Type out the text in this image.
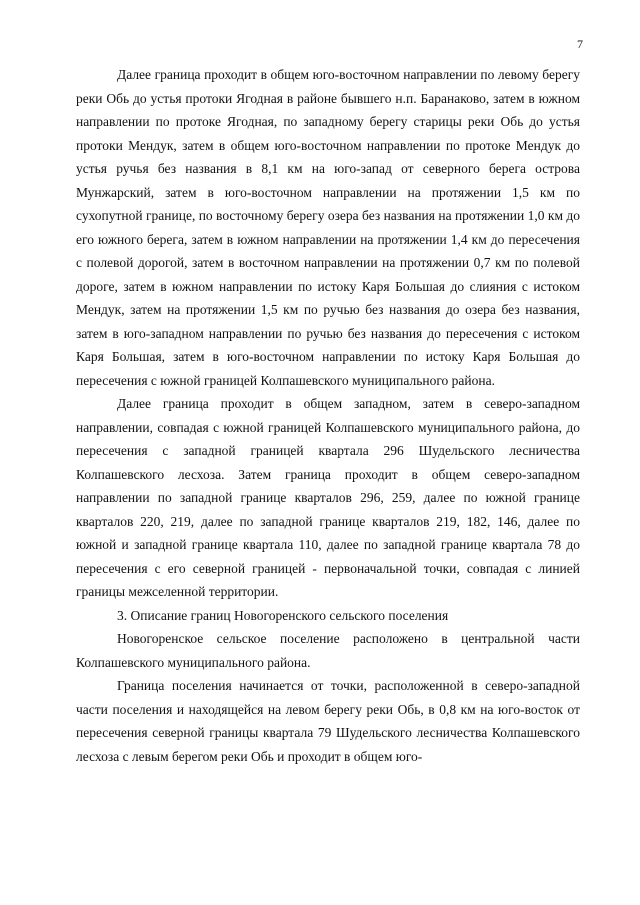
7

Далее граница проходит в общем юго-восточном направлении по левому берегу реки Обь до устья протоки Ягодная в районе бывшего н.п. Баранаково, затем в южном направлении по протоке Ягодная, по западному берегу старицы реки Обь до устья протоки Мендук, затем в общем юго-восточном направлении по протоке Мендук до устья ручья без названия в 8,1 км на юго-запад от северного берега острова Мунжарский, затем в юго-восточном направлении на протяжении 1,5 км по сухопутной границе, по восточному берегу озера без названия на протяжении 1,0 км до его южного берега, затем в южном направлении на протяжении 1,4 км до пересечения с полевой дорогой, затем в восточном направлении на протяжении 0,7 км по полевой дороге, затем в южном направлении по истоку Каря Большая до слияния с истоком Мендук, затем на протяжении 1,5 км по ручью без названия до озера без названия, затем в юго-западном направлении по ручью без названия до пересечения с истоком Каря Большая, затем в юго-восточном направлении по истоку Каря Большая до пересечения с южной границей Колпашевского муниципального района.

Далее граница проходит в общем западном, затем в северо-западном направлении, совпадая с южной границей Колпашевского муниципального района, до пересечения с западной границей квартала 296 Шудельского лесничества Колпашевского лесхоза. Затем граница проходит в общем северо-западном направлении по западной границе кварталов 296, 259, далее по южной границе кварталов 220, 219, далее по западной границе кварталов 219, 182, 146, далее по южной и западной границе квартала 110, далее по западной границе квартала 78 до пересечения с его северной границей - первоначальной точки, совпадая с линией границы межселенной территории.

3. Описание границ Новогоренского сельского поселения

Новогоренское сельское поселение расположено в центральной части Колпашевского муниципального района.

Граница поселения начинается от точки, расположенной в северо-западной части поселения и находящейся на левом берегу реки Обь, в 0,8 км на юго-восток от пересечения северной границы квартала 79 Шудельского лесничества Колпашевского лесхоза с левым берегом реки Обь и проходит в общем юго-
